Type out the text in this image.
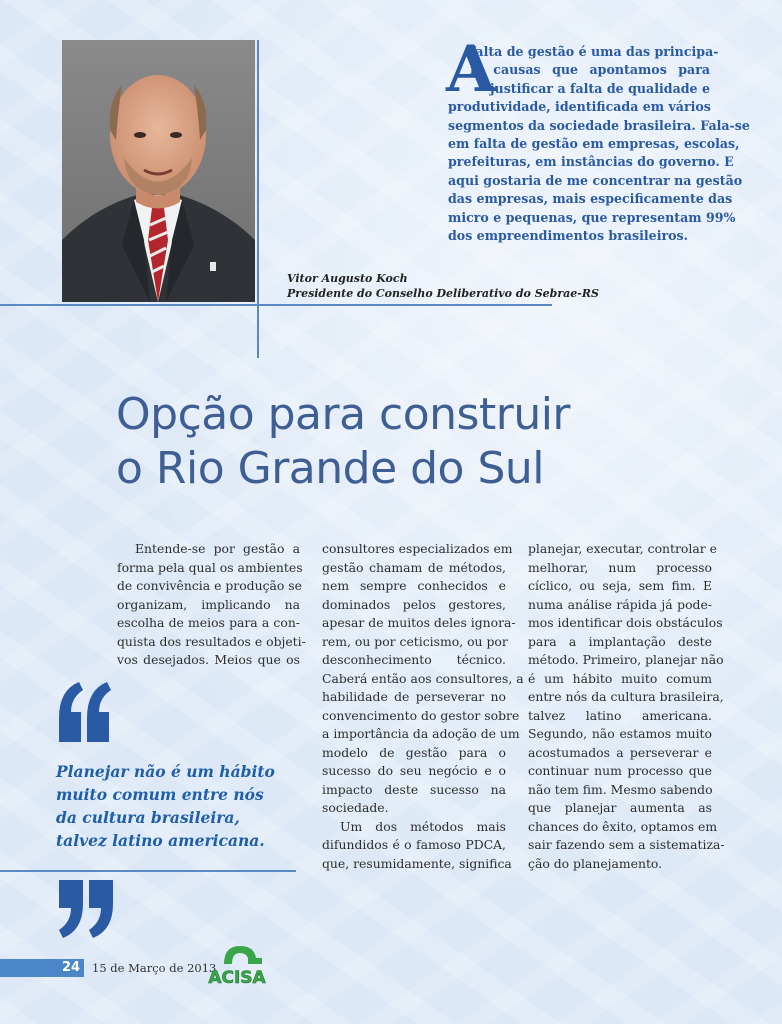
A
falta de gestão é uma das principa-
is causas que apontamos para
justificar a falta de qualidade e
produtividade, identificada em vários
segmentos da sociedade brasileira. Fala-se
em falta de gestão em empresas, escolas,
prefeituras, em instâncias do governo. E
aqui gostaria de me concentrar na gestão
das empresas, mais especificamente das
micro e pequenas, que representam 99%
dos empreendimentos brasileiros.
Vitor Augusto Koch
Presidente do Conselho Deliberativo do Sebrae-RS
Opção para construir
o Rio Grande do Sul
Entende-se por gestão a
forma pela qual os ambientes
de convivência e produção se
organizam, implicando na
escolha de meios para a con-
quista dos resultados e objeti-
vos desejados. Meios que os
consultores especializados em
gestão chamam de métodos,
nem sempre conhecidos e
dominados pelos gestores,
apesar de muitos deles ignora-
rem, ou por ceticismo, ou por
desconhecimento técnico.
Caberá então aos consultores, a
habilidade de perseverar no
convencimento do gestor sobre
a importância da adoção de um
modelo de gestão para o
sucesso do seu negócio e o
impacto deste sucesso na
sociedade.
Um dos métodos mais
difundidos é o famoso PDCA,
que, resumidamente, significa
planejar, executar, controlar e
melhorar, num processo
cíclico, ou seja, sem fim. E
numa análise rápida já pode-
mos identificar dois obstáculos
para a implantação deste
método. Primeiro, planejar não
é um hábito muito comum
entre nós da cultura brasileira,
talvez latino americana.
Segundo, não estamos muito
acostumados a perseverar e
continuar num processo que
não tem fim. Mesmo sabendo
que planejar aumenta as
chances do êxito, optamos em
sair fazendo sem a sistematiza-
ção do planejamento.
Planejar não é um hábito
muito comum entre nós
da cultura brasileira,
talvez latino americana.
24 15 de Março de 2013
ACISA
